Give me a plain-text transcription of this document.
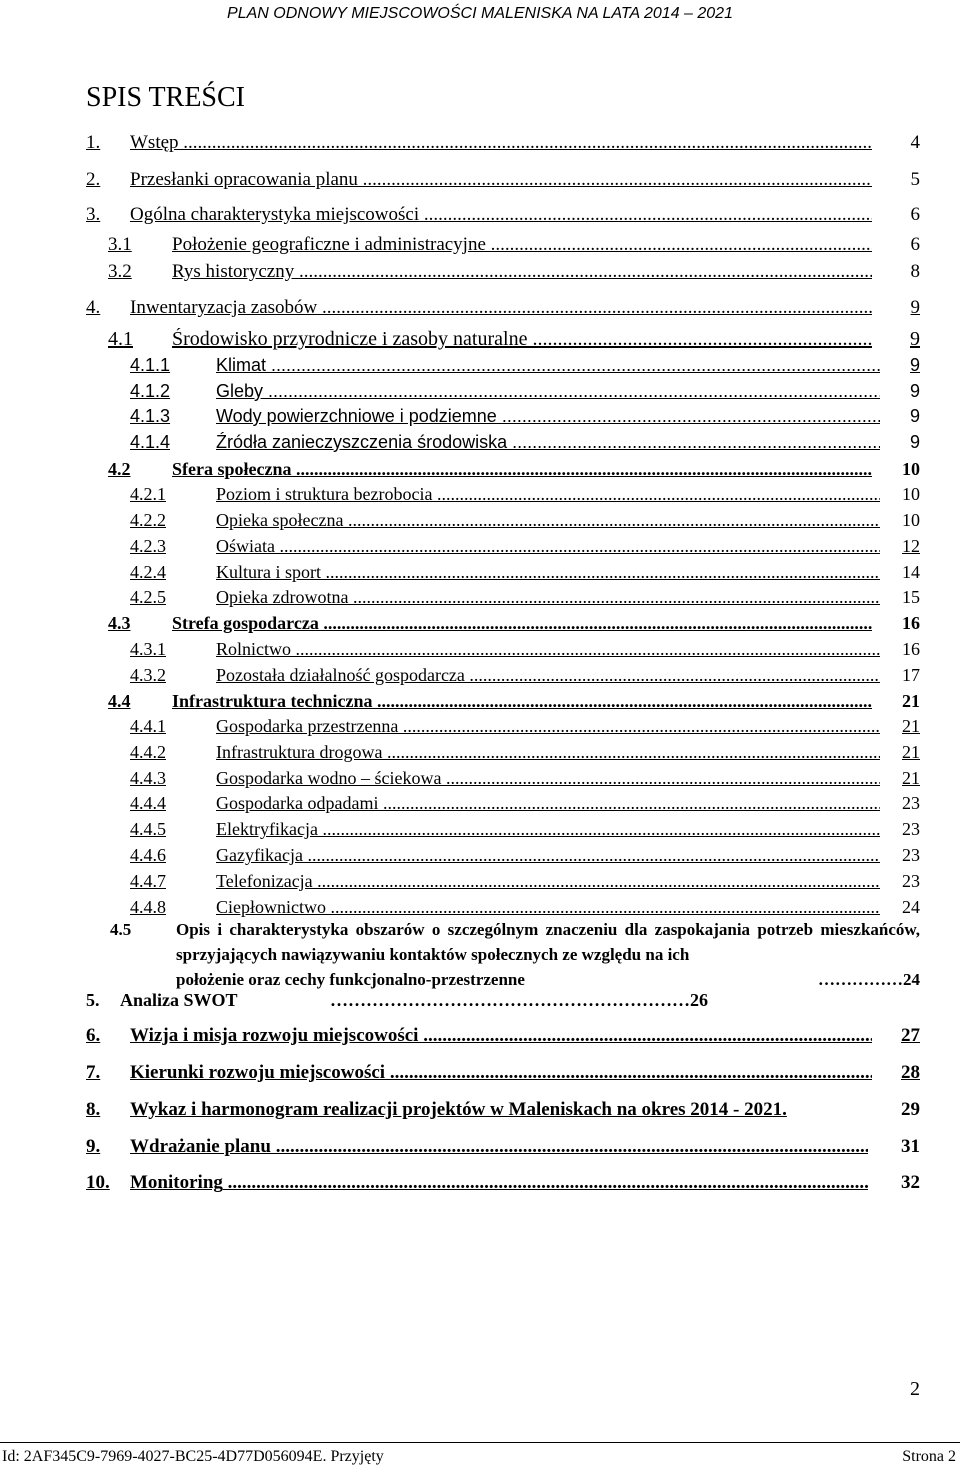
PLAN ODNOWY MIEJSCOWOŚCI MALENISKA NA LATA 2014 – 2021
SPIS TREŚCI
1. Wstęp .....	4
2. Przesłanki opracowania planu .....	5
3. Ogólna charakterystyka miejscowości .....	6
3.1 Położenie geograficzne i administracyjne .....	6
3.2 Rys historyczny .....	8
4. Inwentaryzacja zasobów .....	9
4.1 Środowisko przyrodnicze i zasoby naturalne .....	9
4.1.1	Klimat .....	9
4.1.2	Gleby .....	9
4.1.3	Wody powierzchniowe i podziemne .....	9
4.1.4	Źródła zanieczyszczenia środowiska .....	9
4.2 Sfera społeczna .....	10
4.2.1	Poziom i struktura bezrobocia .....	10
4.2.2	Opieka społeczna .....	10
4.2.3	Oświata .....	12
4.2.4	Kultura i sport .....	14
4.2.5	Opieka zdrowotna .....	15
4.3 Strefa gospodarcza .....	16
4.3.1	Rolnictwo .....	16
4.3.2	Pozostała działalność gospodarcza .....	17
4.4 Infrastruktura techniczna .....	21
4.4.1	Gospodarka przestrzenna .....	21
4.4.2	Infrastruktura drogowa .....	21
4.4.3	Gospodarka wodno – ściekowa .....	21
4.4.4	Gospodarka odpadami .....	23
4.4.5	Elektryfikacja .....	23
4.4.6	Gazyfikacja .....	23
4.4.7	Telefonizacja .....	23
4.4.8	Ciepłownictwo .....	24
4.5	Opis i charakterystyka obszarów o szczególnym znaczeniu dla zaspokajania potrzeb mieszkańców, sprzyjających nawiązywaniu kontaktów społecznych ze względu na ich
położenie oraz cechy funkcjonalno-przestrzenne	……………24
5. Analiza SWOT	……………………………………………………26
6. Wizja i misja rozwoju miejscowości .....	27
7. Kierunki rozwoju miejscowości .....	28
8. Wykaz i harmonogram realizacji projektów w Maleniskach na okres 2014 - 2021.	29
9. Wdrażanie planu .....	31
10. Monitoring .....	32
2
Id: 2AF345C9-7969-4027-BC25-4D77D056094E. Przyjęty	Strona 2
